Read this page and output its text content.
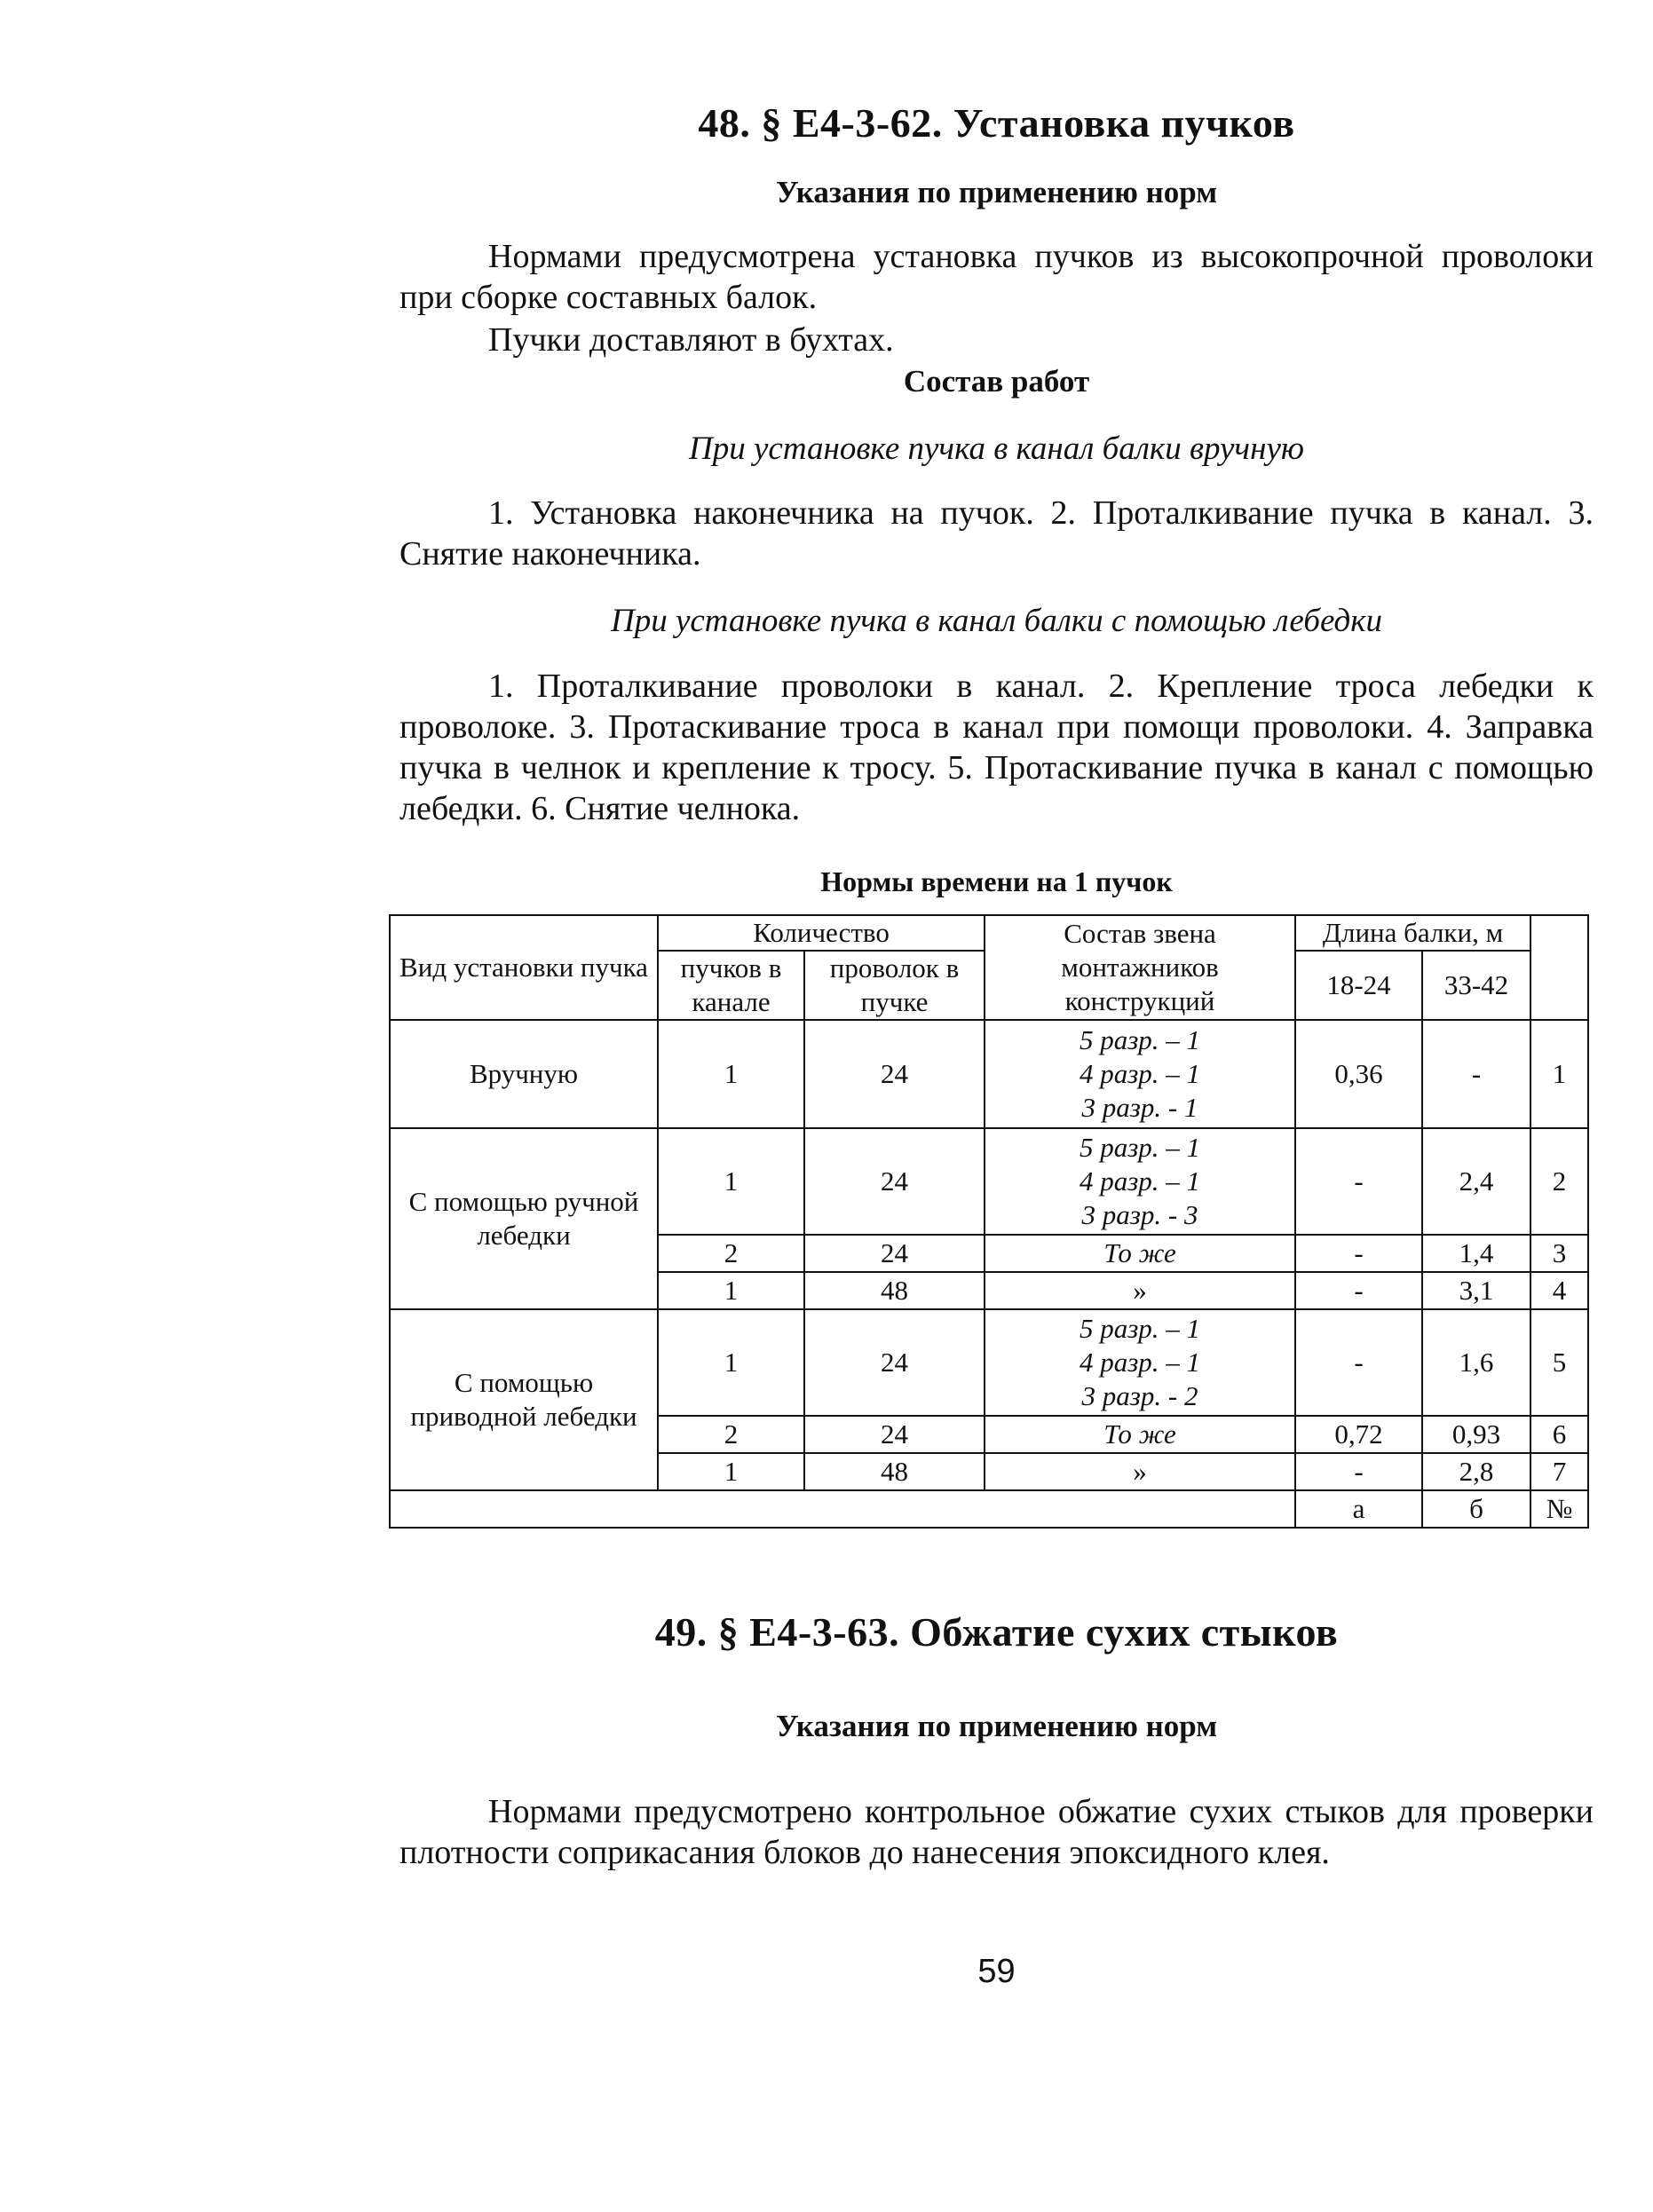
48. § Е4-3-62. Установка пучков
Указания по применению норм

Нормами предусмотрена установка пучков из высокопрочной проволоки при сборке составных балок.

Пучки доставляют в бухтах.

Состав работ

При установке пучка в канал балки вручную

1. Установка наконечника на пучок. 2. Проталкивание пучка в канал. 3. Снятие наконечника.

При установке пучка в канал балки с помощью лебедки

1. Проталкивание проволоки в канал. 2. Крепление троса лебедки к проволоке. 3. Протаскивание троса в канал при помощи проволоки. 4. Заправка пучка в челнок и крепление к тросу. 5. Протаскивание пучка в канал с помощью лебедки. 6. Снятие челнока.

Нормы времени на 1 пучок
Вид установки пучка	Количество		Состав звена монтажников конструкций	Длина балки, м		
	пучков в канале	проволок в пучке		18-24	33-42	
Вручную	1	24	5 разр. – 1
4 разр. – 1
3 разр. - 1	0,36	-	1
С помощью ручной лебедки	1	24	5 разр. – 1
4 разр. – 1
3 разр. - 3	-	2,4	2
	2	24	То же	-	1,4	3
	1	48	»	-	3,1	4
С помощью приводной лебедки	1	24	5 разр. – 1
4 разр. – 1
3 разр. - 2	-	1,6	5
	2	24	То же	0,72	0,93	6
	1	48	»	-	2,8	7
				а	б	№
49. § Е4-3-63. Обжатие сухих стыков
Указания по применению норм

Нормами предусмотрено контрольное обжатие сухих стыков для проверки плотности соприкасания блоков до нанесения эпоксидного клея.

59
